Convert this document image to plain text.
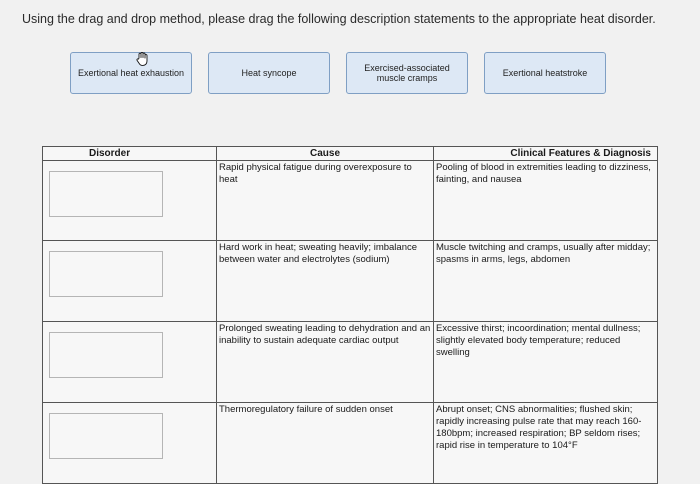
Using the drag and drop method, please drag the following description statements to the appropriate heat disorder.
Exertional heat exhaustion	Heat syncope	Exercised-associated muscle cramps	Exertional heatstroke
Disorder	Cause	Clinical Features & Diagnosis

	Rapid physical fatigue during overexposure to heat	Pooling of blood in extremities leading to dizziness, fainting, and nausea

	Hard work in heat; sweating heavily; imbalance between water and electrolytes (sodium)	Muscle twitching and cramps, usually after midday; spasms in arms, legs, abdomen

	Prolonged sweating leading to dehydration and an inability to sustain adequate cardiac output	Excessive thirst; incoordination; mental dullness; slightly elevated body temperature; reduced swelling

	Thermoregulatory failure of sudden onset	Abrupt onset; CNS abnormalities; flushed skin; rapidly increasing pulse rate that may reach 160-180bpm; increased respiration; BP seldom rises; rapid rise in temperature to 104°F
